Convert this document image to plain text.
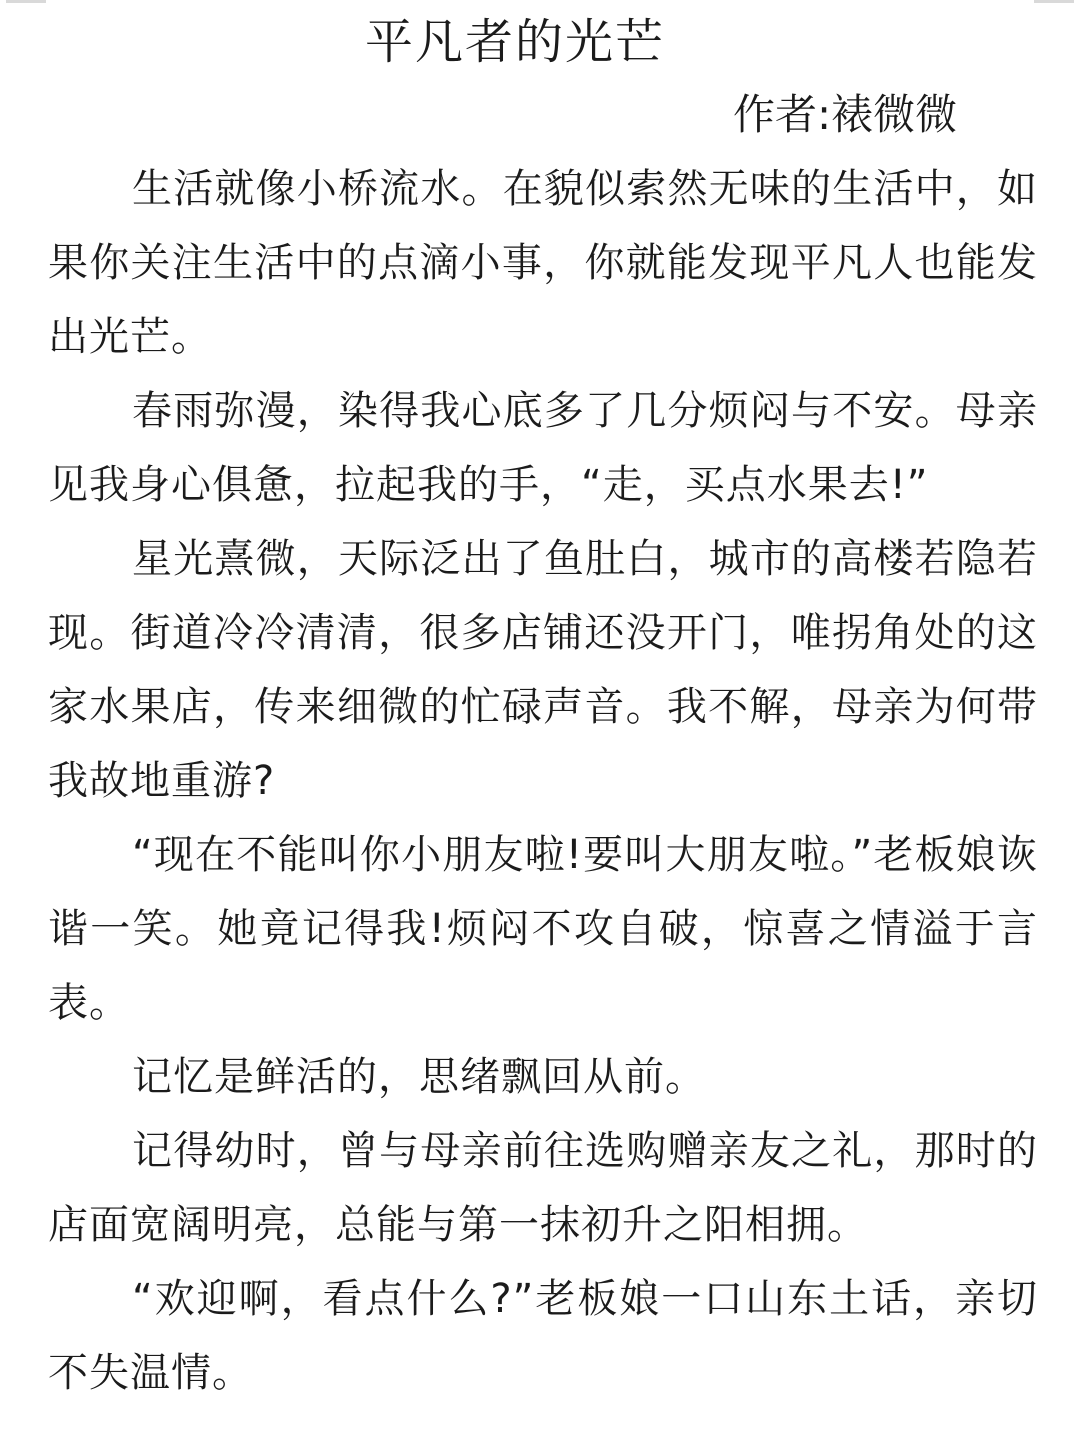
平凡者的光芒

作者:裱微微

生活就像小桥流水。在貌似索然无味的生活中，如果你关注生活中的点滴小事，你就能发现平凡人也能发出光芒。

春雨弥漫，染得我心底多了几分烦闷与不安。母亲见我身心俱惫，拉起我的手，“走，买点水果去!”

星光熹微，天际泛出了鱼肚白，城市的高楼若隐若现。街道冷冷清清，很多店铺还没开门，唯拐角处的这家水果店，传来细微的忙碌声音。我不解，母亲为何带我故地重游?

“现在不能叫你小朋友啦!要叫大朋友啦。”老板娘诙谐一笑。她竟记得我!烦闷不攻自破，惊喜之情溢于言表。

记忆是鲜活的，思绪飘回从前。

记得幼时，曾与母亲前往选购赠亲友之礼，那时的店面宽阔明亮，总能与第一抹初升之阳相拥。

“欢迎啊，看点什么?”老板娘一口山东土话，亲切不失温情。
